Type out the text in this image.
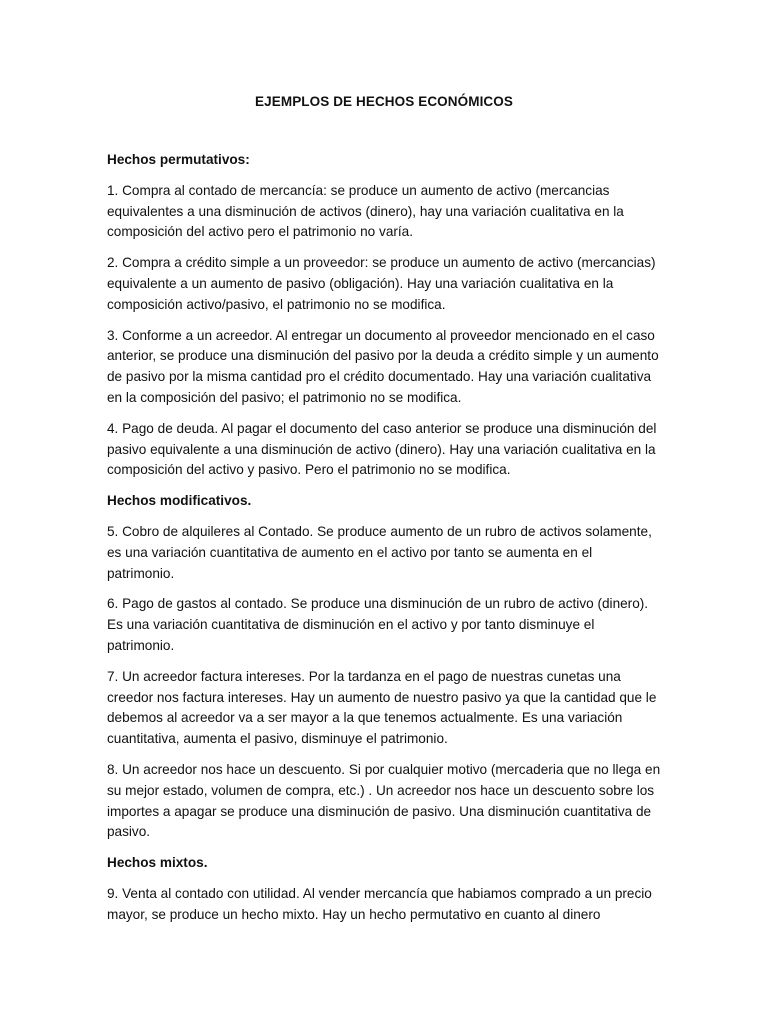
EJEMPLOS DE HECHOS ECONÓMICOS

Hechos permutativos:

1. Compra al contado de mercancía: se produce un aumento de activo (mercancias equivalentes a una disminución de activos (dinero), hay una variación cualitativa en la composición del activo pero el patrimonio no varía.

2. Compra a crédito simple a un proveedor: se produce un aumento de activo (mercancias) equivalente a un aumento de pasivo (obligación). Hay una variación cualitativa en la composición activo/pasivo, el patrimonio no se modifica.

3. Conforme a un acreedor. Al entregar un documento al proveedor mencionado en el caso anterior, se produce una disminución del pasivo por la deuda a crédito simple y un aumento de pasivo por la misma cantidad pro el crédito documentado. Hay una variación cualitativa en la composición del pasivo; el patrimonio no se modifica.

4. Pago de deuda. Al pagar el documento del caso anterior se produce una disminución del pasivo equivalente a una disminución de activo (dinero). Hay una variación cualitativa en la composición del activo y pasivo. Pero el patrimonio no se modifica.

Hechos modificativos.

5. Cobro de alquileres al Contado. Se produce aumento de un rubro de activos solamente, es una variación cuantitativa de aumento en el activo por tanto se aumenta en el patrimonio.

6. Pago de gastos al contado. Se produce una disminución de un rubro de activo (dinero). Es una variación cuantitativa de disminución en el activo y por tanto disminuye el patrimonio.

7. Un acreedor factura intereses. Por la tardanza en el pago de nuestras cunetas una creedor nos factura intereses. Hay un aumento de nuestro pasivo ya que la cantidad que le debemos al acreedor va a ser mayor a la que tenemos actualmente. Es una variación cuantitativa, aumenta el pasivo, disminuye el patrimonio.

8. Un acreedor nos hace un descuento. Si por cualquier motivo (mercaderia que no llega en su mejor estado, volumen de compra, etc.) . Un acreedor nos hace un descuento sobre los importes a apagar se produce una disminución de pasivo. Una disminución cuantitativa de pasivo.

Hechos mixtos.

9. Venta al contado con utilidad. Al vender mercancía que habiamos comprado a un precio mayor, se produce un hecho mixto. Hay un hecho permutativo en cuanto al dinero
